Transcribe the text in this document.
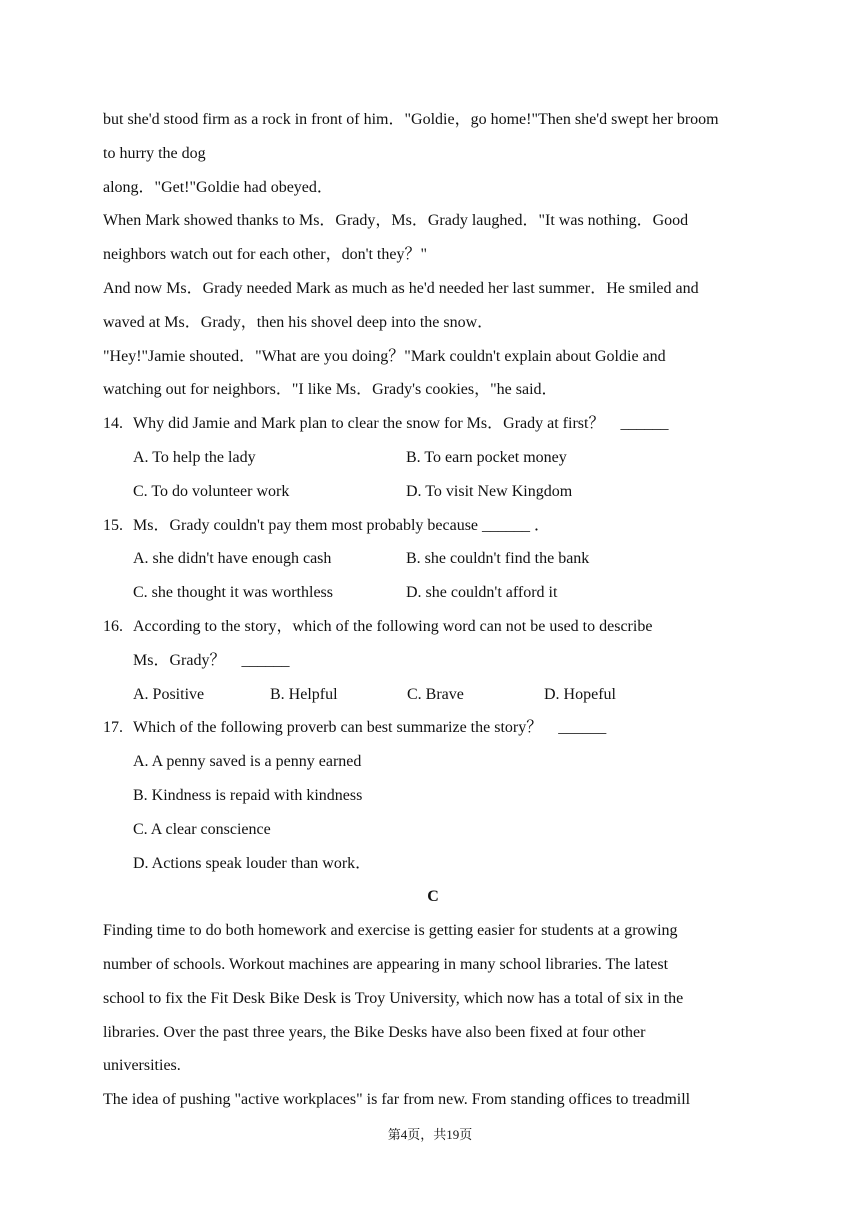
but she'd stood firm as a rock in front of him．"Goldie，go home!"Then she'd swept her broom
to hurry the dog
along．"Get!"Goldie had obeyed．
When Mark showed thanks to Ms．Grady，Ms．Grady laughed．"It was nothing．Good
neighbors watch out for each other，don't they？"
And now Ms．Grady needed Mark as much as he'd needed her last summer．He smiled and
waved at Ms．Grady，then his shovel deep into the snow．
"Hey!"Jamie shouted．"What are you doing？"Mark couldn't explain about Goldie and
watching out for neighbors．"I like Ms．Grady's cookies，"he said．
14. Why did Jamie and Mark plan to clear the snow for Ms．Grady at first？　______
A. To help the lady	B. To earn pocket money
C. To do volunteer work	D. To visit New Kingdom
15. Ms．Grady couldn't pay them most probably because ______ ．
A. she didn't have enough cash	B. she couldn't find the bank
C. she thought it was worthless	D. she couldn't afford it
16. According to the story，which of the following word can not be used to describe
Ms．Grady？　______
A. Positive	B. Helpful	C. Brave	D. Hopeful
17. Which of the following proverb can best summarize the story？　______
A. A penny saved is a penny earned
B. Kindness is repaid with kindness
C. A clear conscience
D. Actions speak louder than work．
C
Finding time to do both homework and exercise is getting easier for students at a growing
number of schools. Workout machines are appearing in many school libraries. The latest
school to fix the Fit Desk Bike Desk is Troy University, which now has a total of six in the
libraries. Over the past three years, the Bike Desks have also been fixed at four other
universities.
The idea of pushing "active workplaces" is far from new. From standing offices to treadmill
第4页，共19页
